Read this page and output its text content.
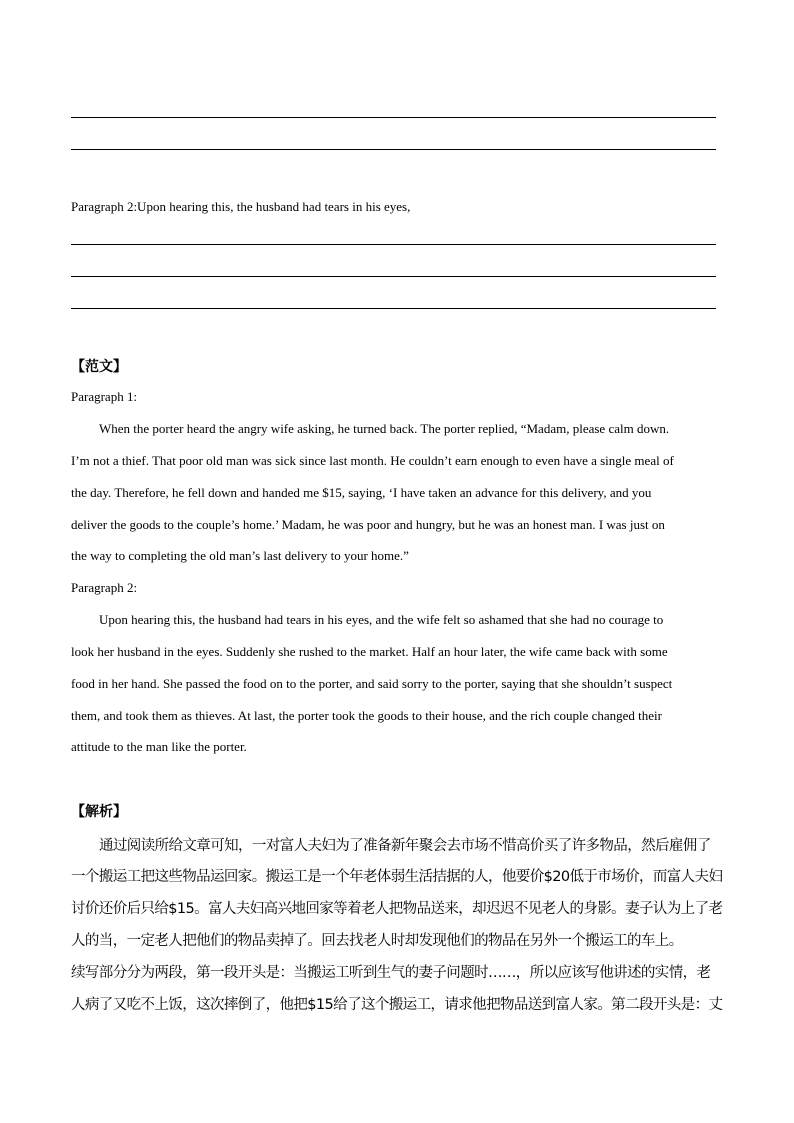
Paragraph 2:Upon hearing this, the husband had tears in his eyes,
【范文】
Paragraph 1:
When the porter heard the angry wife asking, he turned back. The porter replied, “Madam, please calm down.
I’m not a thief. That poor old man was sick since last month. He couldn’t earn enough to even have a single meal of
the day. Therefore, he fell down and handed me $15, saying, ‘I have taken an advance for this delivery, and you
deliver the goods to the couple’s home.’ Madam, he was poor and hungry, but he was an honest man. I was just on
the way to completing the old man’s last delivery to your home.”
Paragraph 2:
Upon hearing this, the husband had tears in his eyes, and the wife felt so ashamed that she had no courage to
look her husband in the eyes. Suddenly she rushed to the market. Half an hour later, the wife came back with some
food in her hand. She passed the food on to the porter, and said sorry to the porter, saying that she shouldn’t suspect
them, and took them as thieves. At last, the porter took the goods to their house, and the rich couple changed their
attitude to the man like the porter.
【解析】
通过阅读所给文章可知，一对富人夫妇为了准备新年聚会去市场不惜高价买了许多物品，然后雇佣了
一个搬运工把这些物品运回家。搬运工是一个年老体弱生活拮据的人，他要价$20低于市场价，而富人夫妇
讨价还价后只给$15。富人夫妇高兴地回家等着老人把物品送来，却迟迟不见老人的身影。妻子认为上了老
人的当，一定老人把他们的物品卖掉了。回去找老人时却发现他们的物品在另外一个搬运工的车上。
续写部分分为两段，第一段开头是：当搬运工听到生气的妻子问题时……，所以应该写他讲述的实情，老
人病了又吃不上饭，这次摔倒了，他把$15给了这个搬运工，请求他把物品送到富人家。第二段开头是：丈
